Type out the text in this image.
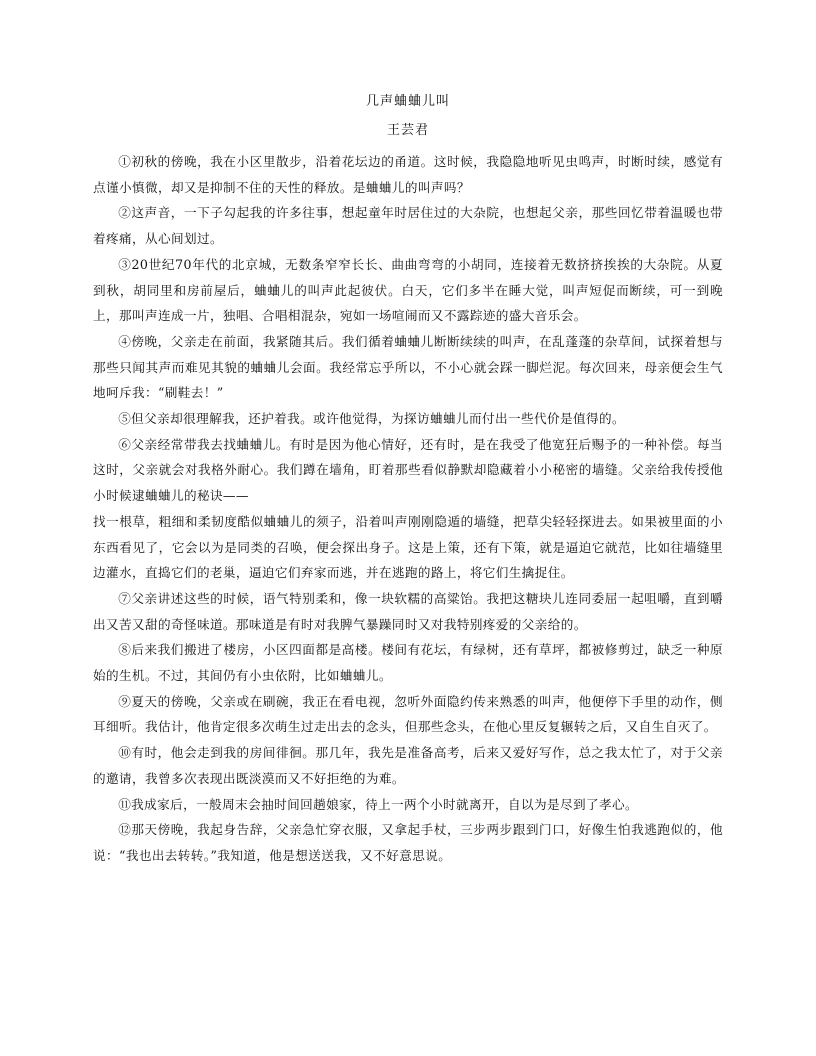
几声蛐蛐儿叫
王芸君

①初秋的傍晚，我在小区里散步，沿着花坛边的甬道。这时候，我隐隐地听见虫鸣声，时断时续，感觉有点谨小慎微，却又是抑制不住的天性的释放。是蛐蛐儿的叫声吗？

②这声音，一下子勾起我的许多往事，想起童年时居住过的大杂院，也想起父亲，那些回忆带着温暖也带着疼痛，从心间划过。

③20世纪70年代的北京城，无数条窄窄长长、曲曲弯弯的小胡同，连接着无数挤挤挨挨的大杂院。从夏到秋，胡同里和房前屋后，蛐蛐儿的叫声此起彼伏。白天，它们多半在睡大觉，叫声短促而断续，可一到晚上，那叫声连成一片，独唱、合唱相混杂，宛如一场喧闹而又不露踪迹的盛大音乐会。

④傍晚，父亲走在前面，我紧随其后。我们循着蛐蛐儿断断续续的叫声，在乱蓬蓬的杂草间，试探着想与那些只闻其声而难见其貌的蛐蛐儿会面。我经常忘乎所以，不小心就会踩一脚烂泥。每次回来，母亲便会生气地呵斥我：“刷鞋去！”

⑤但父亲却很理解我，还护着我。或许他觉得，为探访蛐蛐儿而付出一些代价是值得的。

⑥父亲经常带我去找蛐蛐儿。有时是因为他心情好，还有时，是在我受了他宽狂后赐予的一种补偿。每当这时，父亲就会对我格外耐心。我们蹲在墙角，盯着那些看似静默却隐藏着小小秘密的墙缝。父亲给我传授他小时候逮蛐蛐儿的秘诀——

找一根草，粗细和柔韧度酷似蛐蛐儿的须子，沿着叫声刚刚隐遁的墙缝，把草尖轻轻探进去。如果被里面的小东西看见了，它会以为是同类的召唤，便会探出身子。这是上策，还有下策，就是逼迫它就范，比如往墙缝里边灌水，直捣它们的老巢，逼迫它们弃家而逃，并在逃跑的路上，将它们生擒捉住。

⑦父亲讲述这些的时候，语气特别柔和，像一块软糯的高粱饴。我把这糖块儿连同委屈一起咀嚼，直到嚼出又苦又甜的奇怪味道。那味道是有时对我脾气暴躁同时又对我特别疼爱的父亲给的。

⑧后来我们搬进了楼房，小区四面都是高楼。楼间有花坛，有绿树，还有草坪，都被修剪过，缺乏一种原始的生机。不过，其间仍有小虫依附，比如蛐蛐儿。

⑨夏天的傍晚，父亲或在刷碗，我正在看电视，忽听外面隐约传来熟悉的叫声，他便停下手里的动作，侧耳细听。我估计，他肯定很多次萌生过走出去的念头，但那些念头，在他心里反复辗转之后，又自生自灭了。

⑩有时，他会走到我的房间徘徊。那几年，我先是准备高考，后来又爱好写作，总之我太忙了，对于父亲的邀请，我曾多次表现出既淡漠而又不好拒绝的为难。

⑪我成家后，一般周末会抽时间回趟娘家，待上一两个小时就离开，自以为是尽到了孝心。

⑫那天傍晚，我起身告辞，父亲急忙穿衣服，又拿起手杖，三步两步跟到门口，好像生怕我逃跑似的，他说：“我也出去转转。”我知道，他是想送送我，又不好意思说。
